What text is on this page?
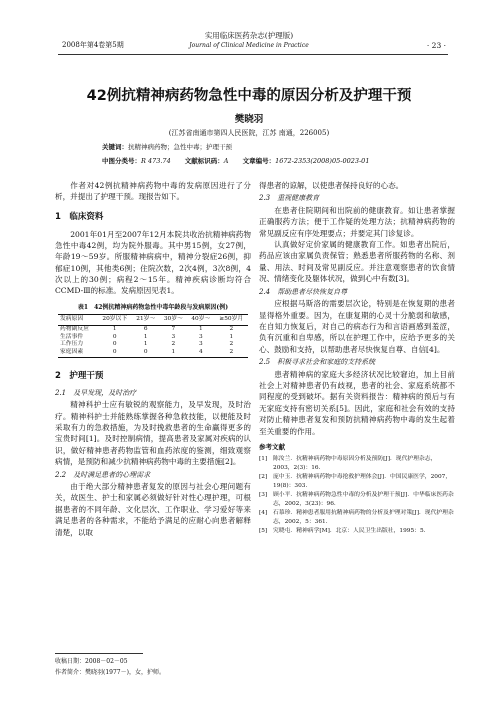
2008年第4卷第5期
实用临床医药杂志(护理版)
Journal of Clinical Medicine in Practice	· 23 ·
42例抗精神病药物急性中毒的原因分析及护理干预
樊晓羽
(江苏省南通市第四人民医院，江苏 南通，226005)
关键词：抗精神病药物；急性中毒；护理干预
中图分类号：R 473.74 文献标识码：A 文章编号：1672-2353(2008)05-0023-01

作者对42例抗精神病药物中毒的发病原因进行了分析，并提出了护理干预。现报告如下。

1　临床资料

2001年01月至2007年12月本院共收治抗精神病药物急性中毒42例，均为院外服毒。其中男15例，女27例，年龄19～59岁。所服精神病病中，精神分裂症26例，抑郁症10例，其他类6例；住院次数，2次4例，3次8例，4次以上的30例；病程2～15年。精神疾病诊断均符合CCMD-Ⅲ的标准。发病原因见表1。

表1　42例抗精神病药物急性中毒年龄段与发病原因(例)
发病原因	20岁以下	21岁～	30岁～	40岁～	≥50岁月
药物副反应	1	6	7	1	2
生活事件	0	1	3	3	1
工作压力	0	1	2	3	2
家庭因素	0	0	1	4	2
2　护理干预
2.1　及早发现，及时治疗

精神科护士应有敏锐的观察能力，及早发现，及时治疗。精神科护士并能熟练掌握各种急救技能，以便能及时采取有力的急救措施，为及时挽救患者的生命赢得更多的宝贵时间[1]。及时控制病情，提高患者及家属对疾病的认识，做好精神患者药物监管和血药浓度的鉴测，细致观察病情，是预防和减少抗精神病药物中毒的主要措施[2]。

2.2　及时满足患者的心理需求

由于绝大部分精神患者复发的原因与社会心理问题有关，故医生、护士和家属必须做好针对性心理护理，可根据患者的不同年龄、文化层次、工作职业、学习爱好等来满足患者的各种需求，不能给予满足的应耐心向患者解释清楚，以取

得患者的谅解，以使患者保持良好的心态。

2.3　重视健康教育

在患者住院期间和出院前的健康教育。如让患者掌握正确服药方法；便于工作疑的处理方法；抗精神病药物的常见副反应有序处理要点；并要定其门诊复诊。

认真做好定价家属的健康教育工作。如患者出院后，药品应该由家属负责保管；熟悉患者所服药物的名称、剂量、用法、时间及常见副反应。并注意观察患者的饮食情况、情绪变化及躯体状况，做到心中有数[3]。

2.4　帮助患者尽快恢复自尊

应根据马斯洛的需要层次论，特别是在恢复期的患者显得格外重要。因为，在康复期的心灵十分脆弱和敏感，在自知力恢复后，对自己的病态行为和言语画感到羞涩，负有沉重和自卑感，所以在护理工作中，应给予更多的关心、鼓励和支持，以帮助患者尽快恢复自尊、自信[4]。

2.5　积极寻求社会和家庭的支持系统

患者精神病的家庭大多经济状况比较窘迫，加上目前社会上对精神患者仍有歧视，患者的社会、家庭系统都不同程度的受到破坏。据有关资料报告：精神病的预后与有无家庭支持有密切关系[5]。因此，家庭和社会有效的支持对防止精神患者复发和预防抗精神病药物中毒的发生起着至关重要的作用。

参考文献
[1] 陈汝兰．抗精神病药物中毒原因分析及预防[J]．现代护理杂志，2003，2(3)：16.
[2] 庞中玉．抗精神病药物中毒抢救护理体会[J]．中国民康医学，2007，19(8)：303.
[3] 顾小平．抗精神病药物急性中毒的分析及护理干预[J]．中华临床医药杂志，2002，3(23)：96.
[4] 石慕珍．精神患者服用抗精神病药物的分析及护理对策[J]．现代护理杂志，2002，5：361.
[5] 究晓屯．精神病学[M]．北京：人民卫生出版社，1995：5.
收稿日期：2008－02－05
作者简介：樊晓羽(1977－)，女，护师。
